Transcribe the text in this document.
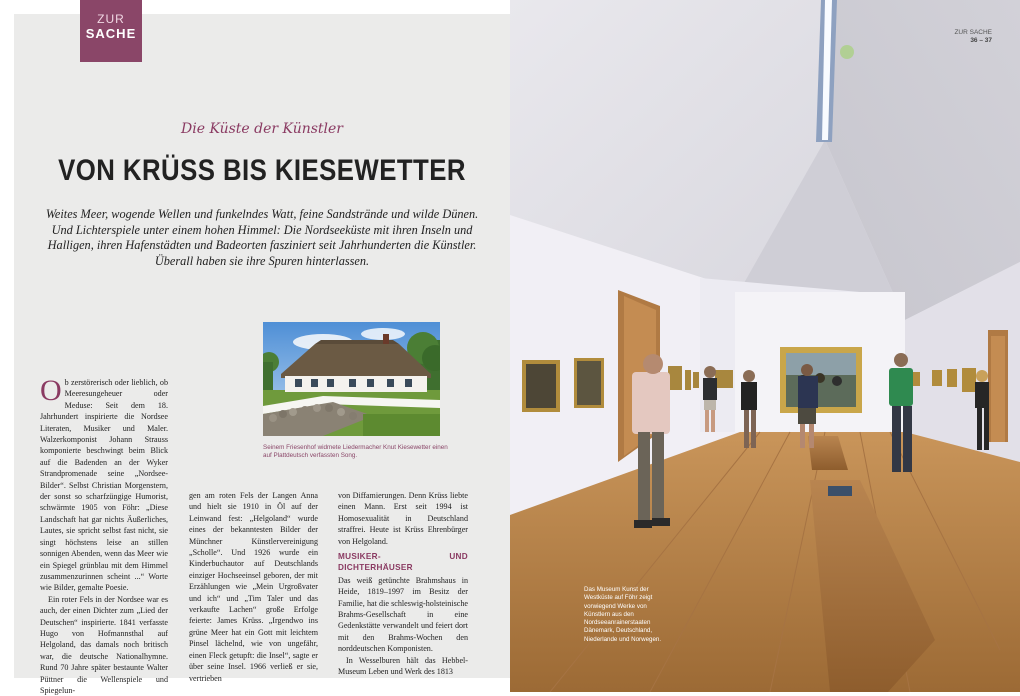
ZUR
SACHE
Die Küste der Künstler
VON KRÜSS BIS KIESEWETTER
Weites Meer, wogende Wellen und funkelndes Watt, feine Sandstrände und wilde Dünen. Und Lichterspiele unter einem hohen Himmel: Die Nordseeküste mit ihren Inseln und Halligen, ihren Hafenstädten und Badeorten fasziniert seit Jahrhunderten die Künstler. Überall haben sie ihre Spuren hinterlassen.
Seinem Friesenhof widmete Liedermacher Knut Kiesewetter einen auf Plattdeutsch verfassten Song.
O b zerstörerisch oder lieblich, ob Meeresungeheuer oder Meduse: Seit dem 18. Jahrhundert inspirierte die Nordsee Literaten, Musiker und Maler. Walzerkomponist Johann Strauss komponierte beschwingt beim Blick auf die Badenden an der Wyker Strandpromenade seine „Nordsee-Bilder“. Selbst Christian Morgenstern, der sonst so scharfzüngige Humorist, schwärmte 1905 von Föhr: „Diese Landschaft hat gar nichts Äußerliches, Lautes, sie spricht selbst fast nicht, sie singt höchstens leise an stillen sonnigen Abenden, wenn das Meer wie ein Spiegel grünblau mit dem Himmel zusammenzurinnen scheint ...“ Worte wie Bilder, gemalte Poesie.

Ein roter Fels in der Nordsee war es auch, der einen Dichter zum „Lied der Deutschen“ inspirierte. 1841 verfasste Hugo von Hofmannsthal auf Helgoland, das damals noch britisch war, die deutsche Nationalhymne. Rund 70 Jahre später bestaunte Walter Püttner die Wellenspiele und Spiegelun-

gen am roten Fels der Langen Anna und hielt sie 1910 in Öl auf der Leinwand fest: „Helgoland“ wurde eines der bekanntesten Bilder der Münchner Künstlervereinigung „Scholle“. Und 1926 wurde ein Kinderbuchautor auf Deutschlands einziger Hochseeinsel geboren, der mit Erzählungen wie „Mein Urgroßvater und ich“ und „Tim Taler und das verkaufte Lachen“ große Erfolge feierte: James Krüss. „Irgendwo ins grüne Meer hat ein Gott mit leichtem Pinsel lächelnd, wie von ungefähr, einen Fleck getupft: die Insel“, sagte er über seine Insel. 1966 verließ er sie, vertrieben

von Diffamierungen. Denn Krüss liebte einen Mann. Erst seit 1994 ist Homosexualität in Deutschland straffrei. Heute ist Krüss Ehrenbürger von Helgoland.

MUSIKER- UND DICHTERHÄUSER

Das weiß getünchte Brahmshaus in Heide, 1819–1997 im Besitz der Familie, hat die schleswig-holsteinische Brahms-Gesellschaft in eine Gedenkstätte verwandelt und feiert dort mit den Brahms-Wochen den norddeutschen Komponisten.

In Wesselburen hält das Hebbel-Museum Leben und Werk des 1813

ZUR SACHE
36 – 37
Das Museum Kunst der Westküste auf Föhr zeigt vorwiegend Werke von Künstlern aus den Nordseeanrainerstaaten Dänemark, Deutschland, Niederlande und Norwegen.
